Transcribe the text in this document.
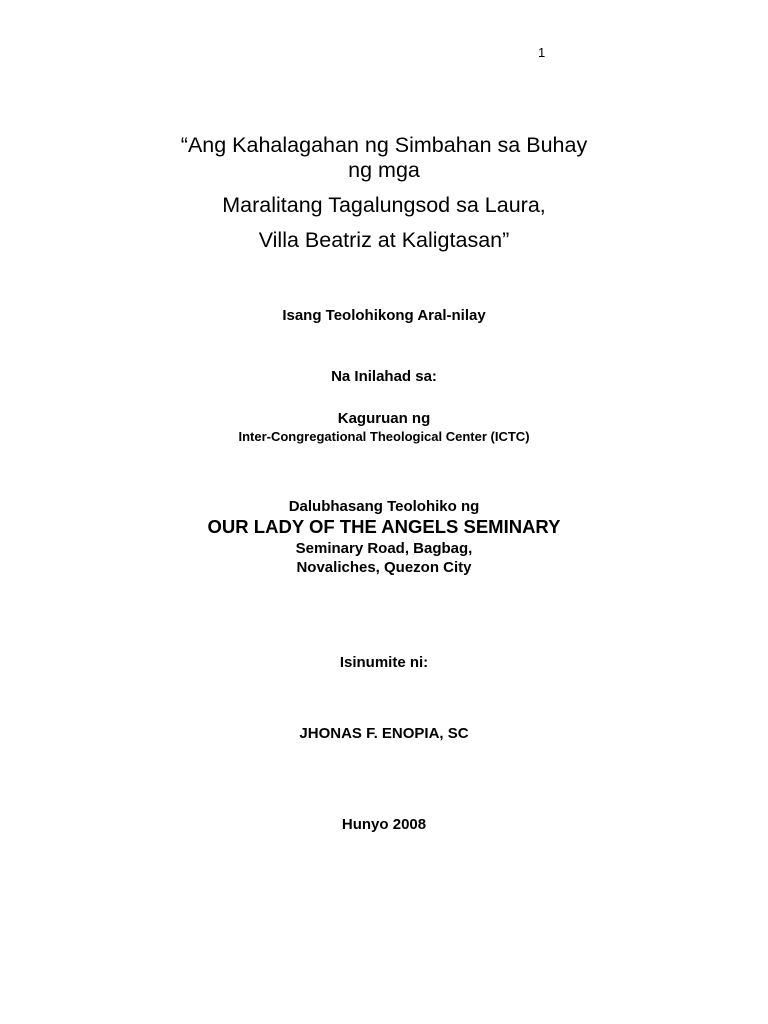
1
“Ang Kahalagahan ng Simbahan sa Buhay
ng mga
Maralitang Tagalungsod sa Laura,
Villa Beatriz at Kaligtasan”
Isang Teolohikong Aral-nilay
Na Inilahad sa:
Kaguruan ng
Inter-Congregational Theological Center (ICTC)
Dalubhasang Teolohiko ng
OUR LADY OF THE ANGELS SEMINARY
Seminary Road, Bagbag,
Novaliches, Quezon City
Isinumite ni:
JHONAS F. ENOPIA, SC
Hunyo 2008
